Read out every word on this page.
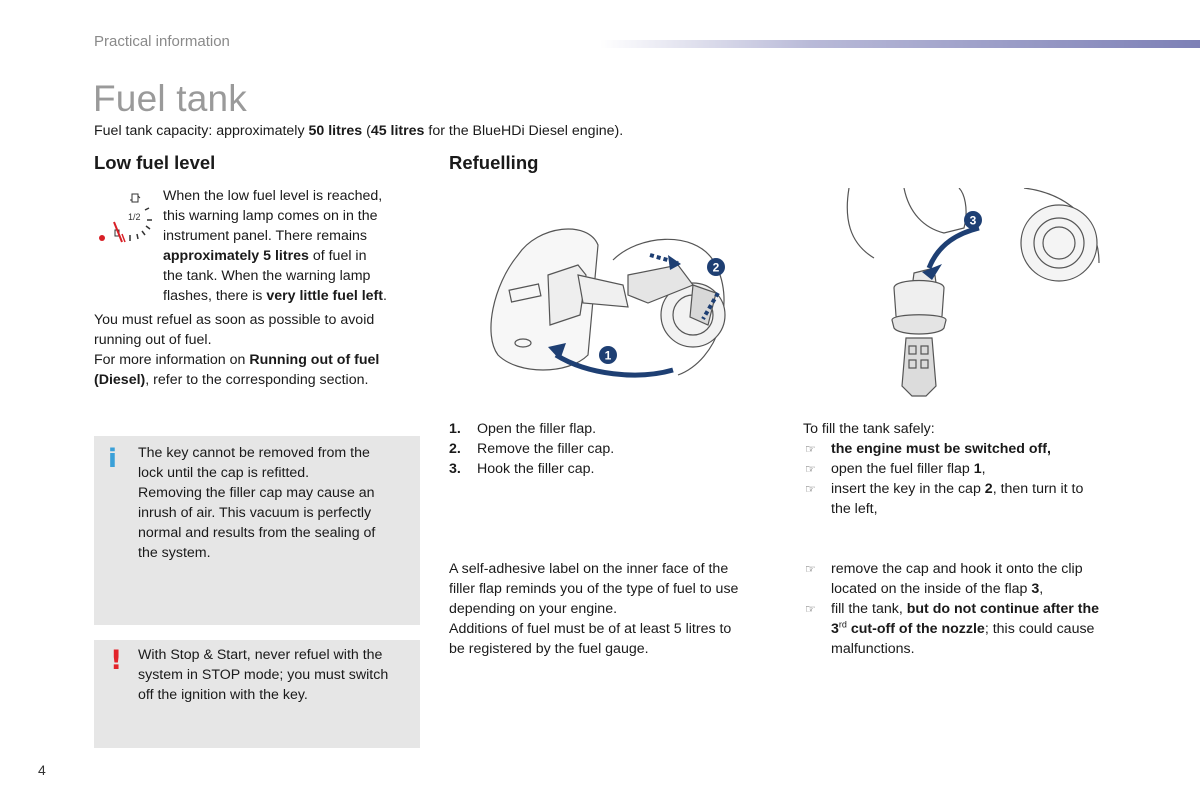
Practical information
Fuel tank
Fuel tank capacity: approximately 50 litres (45 litres for the BlueHDi Diesel engine).
Low fuel level
1/2
When the low fuel level is reached,
this warning lamp comes on in the
instrument panel. There remains
approximately 5 litres of fuel in
the tank. When the warning lamp
flashes, there is very little fuel left.
You must refuel as soon as possible to avoid
running out of fuel.
For more information on Running out of fuel
(Diesel), refer to the corresponding section.
i The key cannot be removed from the
lock until the cap is refitted.
Removing the filler cap may cause an
inrush of air. This vacuum is perfectly
normal and results from the sealing of
the system.
! With Stop & Start, never refuel with the
system in STOP mode; you must switch
off the ignition with the key.
Refuelling
1
2
3
1. Open the filler flap.
2. Remove the filler cap.
3. Hook the filler cap.
A self-adhesive label on the inner face of the
filler flap reminds you of the type of fuel to use
depending on your engine.
Additions of fuel must be of at least 5 litres to
be registered by the fuel gauge.
To fill the tank safely:
☞ the engine must be switched off,
☞ open the fuel filler flap 1,
☞ insert the key in the cap 2, then turn it to
the left,
☞ remove the cap and hook it onto the clip
located on the inside of the flap 3,
☞ fill the tank, but do not continue after the
3rd cut-off of the nozzle; this could cause
malfunctions.
4
